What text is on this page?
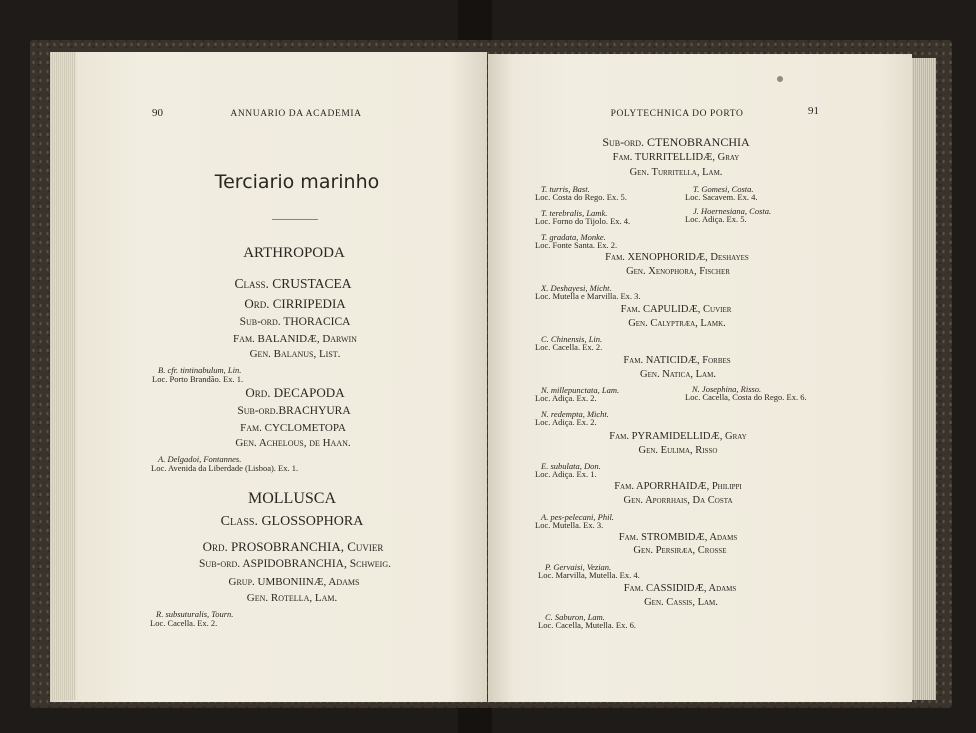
90	ANNUARIO DA ACADEMIA
Terciario marinho
ARTHROPODA
Class. CRUSTACEA
Ord. CIRRIPEDIA
Sub-ord. THORACICA
Fam. BALANIDÆ, Darwin
Gen. Balanus, List.
B. cfr. tintinabulum, Lin.
Loc. Porto Brandão. Ex. 1.
Ord. DECAPODA
Sub-ord.BRACHYURA
Fam. CYCLOMETOPA
Gen. Achelous, de Haan.
A. Delgadoi, Fontannes.
Loc. Avenida da Liberdade (Lisboa). Ex. 1.
MOLLUSCA
Class. GLOSSOPHORA
Ord. PROSOBRANCHIA, Cuvier
Sub-ord. ASPIDOBRANCHIA, Schweig.
Grup. UMBONIINÆ, Adams
Gen. Rotella, Lam.
R. subsuturalis, Tourn.
Loc. Cacella. Ex. 2.
POLYTECHNICA DO PORTO	91
Sub-ord. CTENOBRANCHIA
Fam. TURRITELLIDÆ, Gray
Gen. Turritella, Lam.
T. turris, Bast.
Loc. Costa do Rego. Ex. 5.
T. Gomesi, Costa.
Loc. Sacavem. Ex. 4.
T. terebralis, Lamk.
Loc. Forno do Tijolo. Ex. 4.
J. Hoernesiana, Costa.
Loc. Adiça. Ex. 5.
T. gradata, Monke.
Loc. Fonte Santa. Ex. 2.
Fam. XENOPHORIDÆ, Deshayes
Gen. Xenophora, Fischer
X. Deshayesi, Micht.
Loc. Mutella e Marvilla. Ex. 3.
Fam. CAPULIDÆ, Cuvier
Gen. Calyptræa, Lamk.
C. Chinensis, Lin.
Loc. Cacella. Ex. 2.
Fam. NATICIDÆ, Forbes
Gen. Natica, Lam.
N. millepunctata, Lam.
Loc. Adiça. Ex. 2.
N. Josephina, Risso.
Loc. Cacella, Costa do Rego. Ex. 6.
N. redempta, Micht.
Loc. Adiça. Ex. 2.
Fam. PYRAMIDELLIDÆ, Gray
Gen. Eulima, Risso
E. subulata, Don.
Loc. Adiça. Ex. 1.
Fam. APORRHAIDÆ, Philippi
Gen. Aporrhais, Da Costa
A. pes-pelecani, Phil.
Loc. Mutella. Ex. 3.
Fam. STROMBIDÆ, Adams
Gen. Persiræa, Crosse
P. Gervaisi, Vezian.
Loc. Marvilla, Mutella. Ex. 4.
Fam. CASSIDIDÆ, Adams
Gen. Cassis, Lam.
C. Saburon, Lam.
Loc. Cacella, Mutella. Ex. 6.
